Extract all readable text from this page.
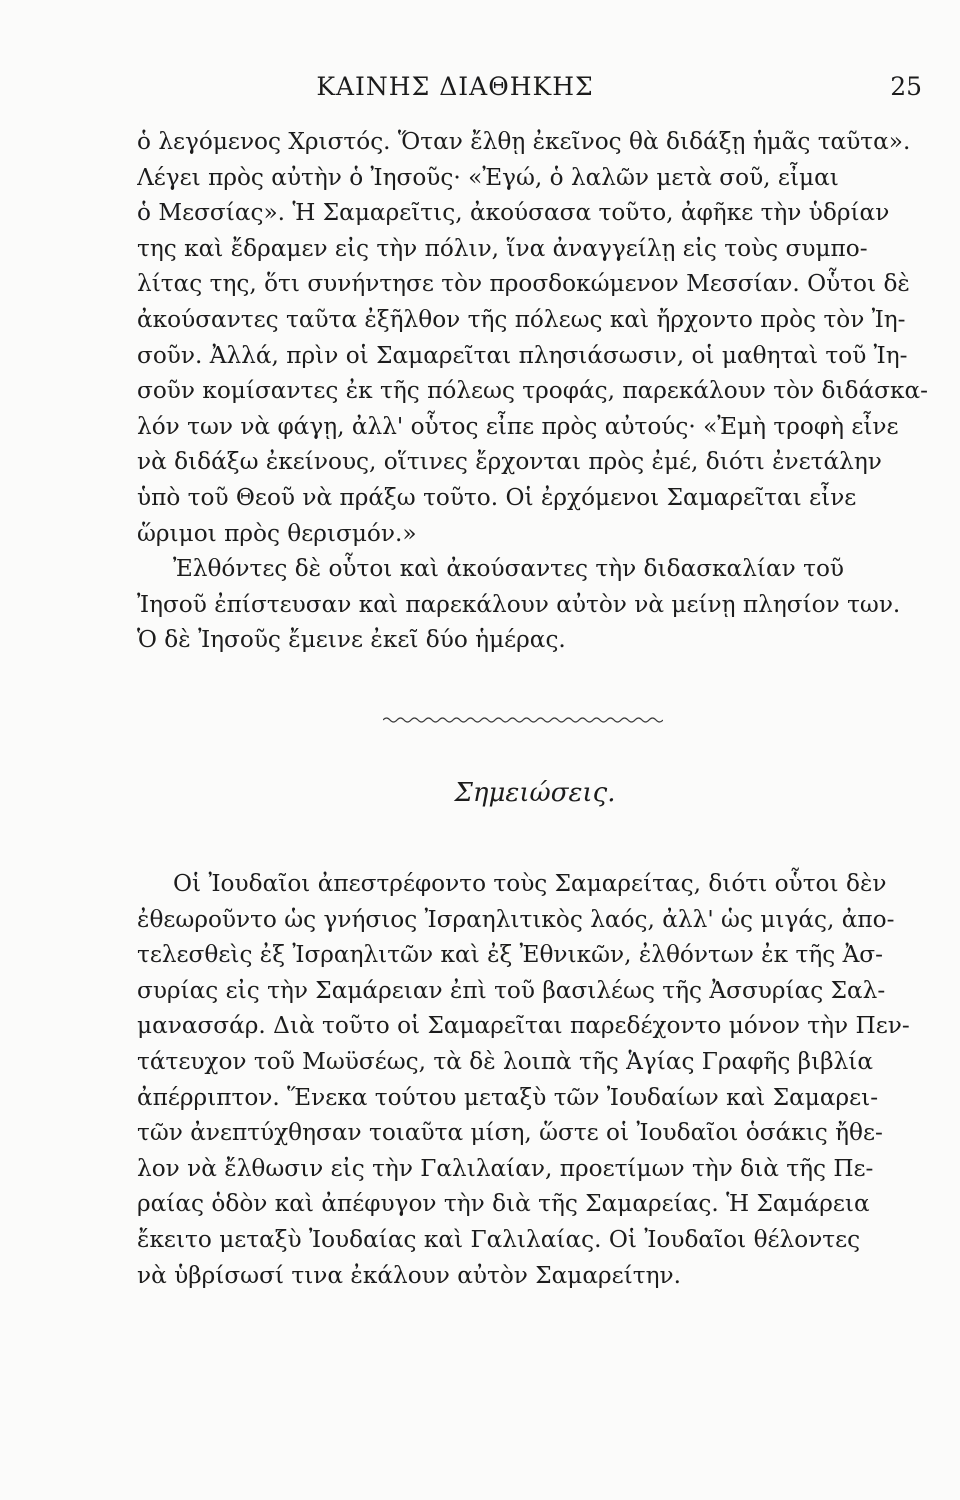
ΚΑΙΝΗΣ ΔΙΑΘΗΚΗΣ	25
ὁ λεγόμενος Χριστός. Ὅταν ἔλθῃ ἐκεῖνος θὰ διδάξῃ ἡμᾶς ταῦτα».
Λέγει πρὸς αὐτὴν ὁ Ἰησοῦς· «Ἐγώ, ὁ λαλῶν μετὰ σοῦ, εἶμαι
ὁ Μεσσίας». Ἡ Σαμαρεῖτις, ἀκούσασα τοῦτο, ἀφῆκε τὴν ὑδρίαν
της καὶ ἔδραμεν εἰς τὴν πόλιν, ἵνα ἀναγγείλῃ εἰς τοὺς συμπο-
λίτας της, ὅτι συνήντησε τὸν προσδοκώμενον Μεσσίαν. Οὗτοι δὲ
ἀκούσαντες ταῦτα ἐξῆλθον τῆς πόλεως καὶ ἤρχοντο πρὸς τὸν Ἰη-
σοῦν. Ἀλλά, πρὶν οἱ Σαμαρεῖται πλησιάσωσιν, οἱ μαθηταὶ τοῦ Ἰη-
σοῦν κομίσαντες ἐκ τῆς πόλεως τροφάς, παρεκάλουν τὸν διδάσκα-
λόν των νὰ φάγῃ, ἀλλ' οὗτος εἶπε πρὸς αὐτούς· «Ἐμὴ τροφὴ εἶνε
νὰ διδάξω ἐκείνους, οἵτινες ἔρχονται πρὸς ἐμέ, διότι ἐνετάλην
ὑπὸ τοῦ Θεοῦ νὰ πράξω τοῦτο. Οἱ ἐρχόμενοι Σαμαρεῖται εἶνε
ὥριμοι πρὸς θερισμόν.»
Ἐλθόντες δὲ οὗτοι καὶ ἀκούσαντες τὴν διδασκαλίαν τοῦ
Ἰησοῦ ἐπίστευσαν καὶ παρεκάλουν αὐτὸν νὰ μείνῃ πλησίον των.
Ὁ δὲ Ἰησοῦς ἔμεινε ἐκεῖ δύο ἡμέρας.
Σημειώσεις.
Οἱ Ἰουδαῖοι ἀπεστρέφοντο τοὺς Σαμαρείτας, διότι οὗτοι δὲν
ἐθεωροῦντο ὡς γνήσιος Ἰσραηλιτικὸς λαός, ἀλλ' ὡς μιγάς, ἀπο-
τελεσθεὶς ἐξ Ἰσραηλιτῶν καὶ ἐξ Ἐθνικῶν, ἐλθόντων ἐκ τῆς Ἀσ-
συρίας εἰς τὴν Σαμάρειαν ἐπὶ τοῦ βασιλέως τῆς Ἀσσυρίας Σαλ-
μανασσάρ. Διὰ τοῦτο οἱ Σαμαρεῖται παρεδέχοντο μόνον τὴν Πεν-
τάτευχον τοῦ Μωϋσέως, τὰ δὲ λοιπὰ τῆς Ἁγίας Γραφῆς βιβλία
ἀπέρριπτον. Ἕνεκα τούτου μεταξὺ τῶν Ἰουδαίων καὶ Σαμαρει-
τῶν ἀνεπτύχθησαν τοιαῦτα μίση, ὥστε οἱ Ἰουδαῖοι ὁσάκις ἤθε-
λον νὰ ἔλθωσιν εἰς τὴν Γαλιλαίαν, προετίμων τὴν διὰ τῆς Πε-
ραίας ὁδὸν καὶ ἀπέφυγον τὴν διὰ τῆς Σαμαρείας. Ἡ Σαμάρεια
ἔκειτο μεταξὺ Ἰουδαίας καὶ Γαλιλαίας. Οἱ Ἰουδαῖοι θέλοντες
νὰ ὑβρίσωσί τινα ἐκάλουν αὐτὸν Σαμαρείτην.
